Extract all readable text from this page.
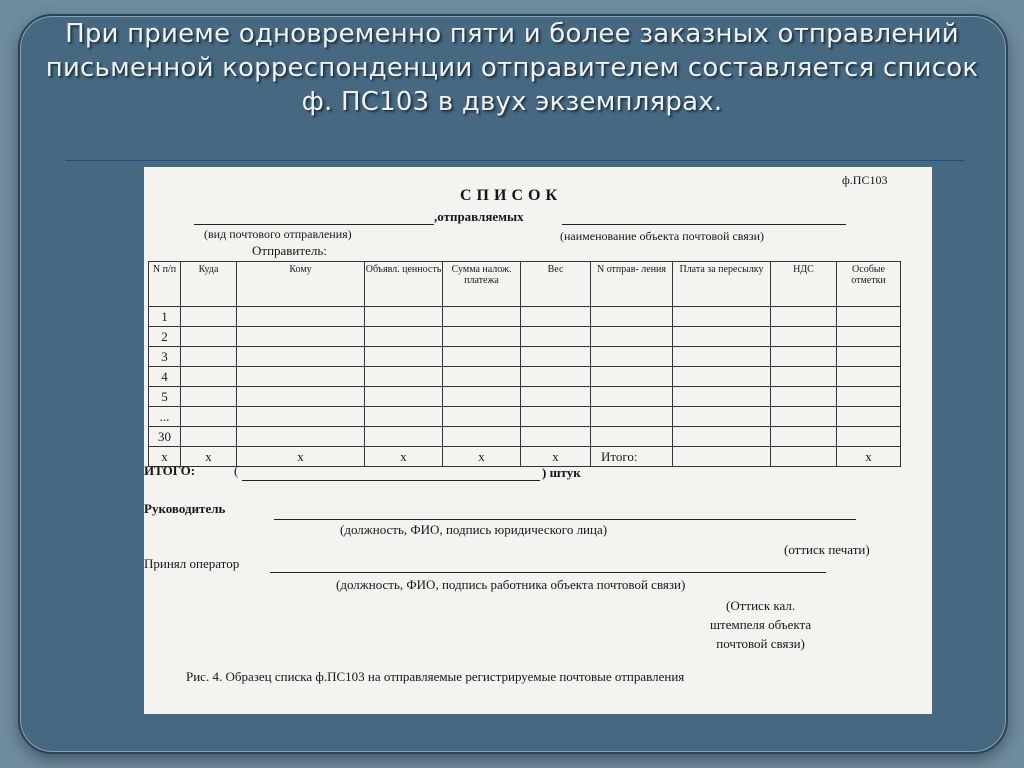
При приеме одновременно пяти и более заказных отправлений письменной корреспонденции отправителем составляется список ф. ПС103 в двух экземплярах.
ф.ПС103
СПИСОК
,отправляемых
(вид почтового отправления)	(наименование объекта почтовой связи)
Отправитель:
N п/п	Куда	Кому	Объявл. ценность	Сумма налож. платежа	Вес	N отправ- ления	Плата за пересылку	НДС	Особые отметки
1									
2									
3									
4									
5									
...									
30									
x	x	x	x	x	x	Итого:			x
ИТОГО:	(	) штук
Руководитель
(должность, ФИО, подпись юридического лица)
(оттиск печати)
Принял оператор
(должность, ФИО, подпись работника объекта почтовой связи)
(Оттиск кал.
штемпеля объекта
почтовой связи)
Рис. 4. Образец списка ф.ПС103 на отправляемые регистрируемые почтовые отправления
